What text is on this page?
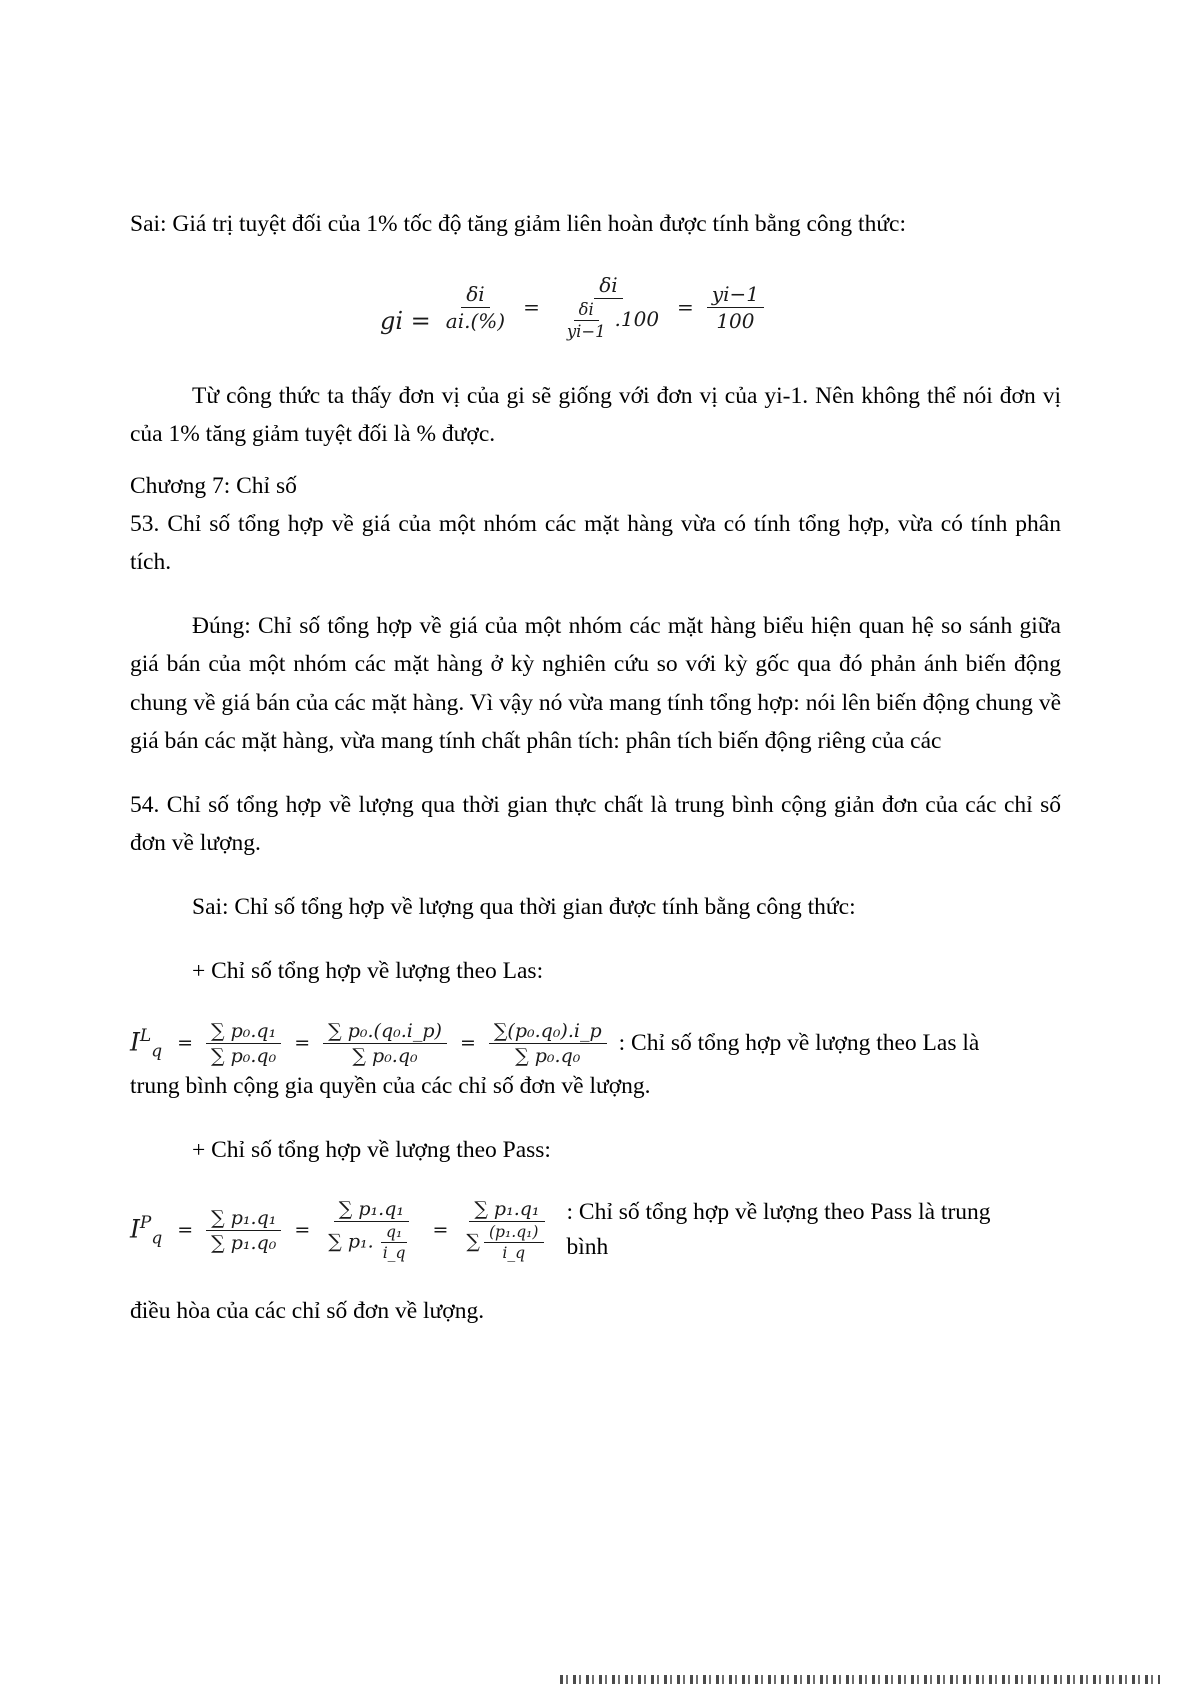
Sai: Giá trị tuyệt đối của 1% tốc độ tăng giảm liên hoàn được tính bằng công thức:

gi = $\frac{\delta i}{ai.(\%)} = \frac{\delta i}{\frac{\delta i}{yi-1} .100} = \frac{yi-1}{100}$

Từ công thức ta thấy đơn vị của gi sẽ giống với đơn vị của yi-1. Nên không thể nói đơn vị của 1% tăng giảm tuyệt đối là % được.

Chương 7: Chỉ số

53. Chỉ số tổng hợp về giá của một nhóm các mặt hàng vừa có tính tổng hợp, vừa có tính phân tích.

Đúng: Chỉ số tổng hợp về giá của một nhóm các mặt hàng biểu hiện quan hệ so sánh giữa giá bán của một nhóm các mặt hàng ở kỳ nghiên cứu so với kỳ gốc qua đó phản ánh biến động chung về giá bán của các mặt hàng. Vì vậy nó vừa mang tính tổng hợp: nói lên biến động chung về giá bán các mặt hàng, vừa mang tính chất phân tích: phân tích biến động riêng của các

54. Chỉ số tổng hợp về lượng qua thời gian thực chất là trung bình cộng giản đơn của các chỉ số đơn về lượng.

Sai: Chỉ số tổng hợp về lượng qua thời gian được tính bằng công thức:

+ Chỉ số tổng hợp về lượng theo Las:

$I^L_q = \frac{\text{∑ p₀.q₁}}{\text{∑ p₀.q₀}} = \frac{\text{∑ p₀.(q₀.i\_p)}}{\text{∑ p₀.q₀}} = \frac{\text{∑(p₀.q₀).i\_p}}{\text{∑ p₀.q₀}}$ : Chỉ số tổng hợp về lượng theo Las là

trung bình cộng gia quyền của các chỉ số đơn về lượng.

+ Chỉ số tổng hợp về lượng theo Pass:

$I^P_q = \frac{\text{∑ p₁.q₁}}{\text{∑ p₁.q₀}} = \frac{\text{∑ p₁.q₁}}{\sum p_1. \frac{\text{q₁}}{i\_q}} = \frac{\text{∑ p₁.q₁}}{\sum \frac{\text{(p₁.q₁)}}{i\_q}}$ : Chỉ số tổng hợp về lượng theo Pass là trung bình

điều hòa của các chỉ số đơn về lượng.
